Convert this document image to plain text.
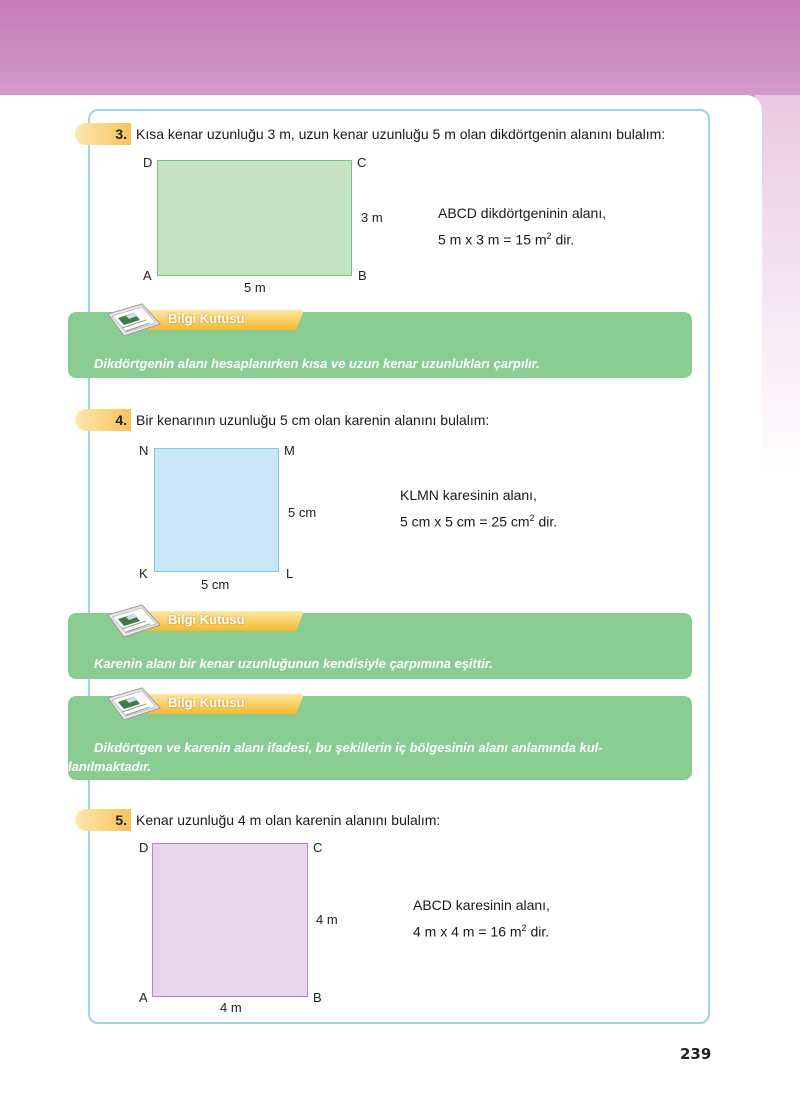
3. Kısa kenar uzunluğu 3 m, uzun kenar uzunluğu 5 m olan dikdörtgenin alanını bulalım:
D	C
A	B
3 m
5 m
ABCD dikdörtgeninin alanı,
5 m x 3 m = 15 $m^2$ dir.
Dikdörtgenin alanı hesaplanırken kısa ve uzun kenar uzunlukları çarpılır.
Bilgi Kutusu
4. Bir kenarının uzunluğu 5 cm olan karenin alanını bulalım:
N	M
K	L
5 cm
5 cm
KLMN karesinin alanı,
5 cm x 5 cm = 25 $cm^2$ dir.
Karenin alanı bir kenar uzunluğunun kendisiyle çarpımına eşittir.
Bilgi Kutusu
Dikdörtgen ve karenin alanı ifadesi, bu şekillerin iç bölgesinin alanı anlamında kul-
lanılmaktadır.
Bilgi Kutusu
5. Kenar uzunluğu 4 m olan karenin alanını bulalım:
D	C
A	B
4 m
4 m
ABCD karesinin alanı,
4 m x 4 m = 16 $m^2$ dir.
239
